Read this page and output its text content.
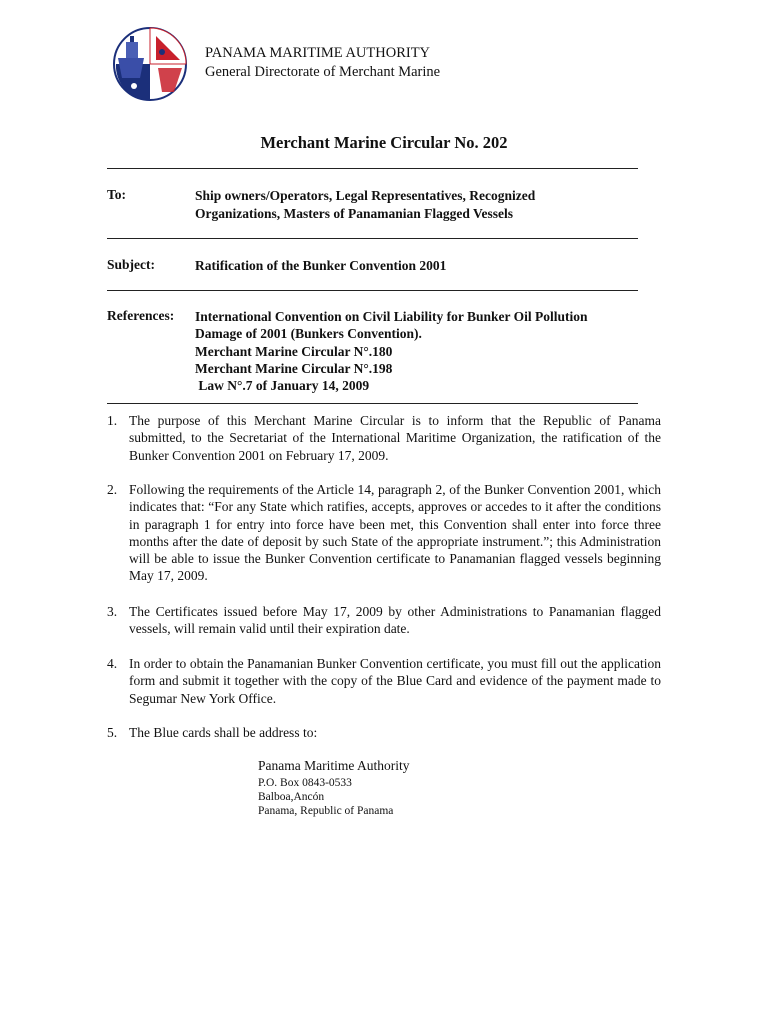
PANAMA MARITIME AUTHORITY
General Directorate of Merchant Marine
Merchant Marine Circular No. 202
To:	Ship owners/Operators, Legal Representatives, Recognized
Organizations, Masters of Panamanian Flagged Vessels
Subject:	Ratification of the Bunker Convention 2001
References: International Convention on Civil Liability for Bunker Oil Pollution
Damage of 2001 (Bunkers Convention).
Merchant Marine Circular N°.180
Merchant Marine Circular N°.198
Law N°.7 of January 14, 2009
1. The purpose of this Merchant Marine Circular is to inform that the Republic of Panama submitted, to the Secretariat of the International Maritime Organization, the ratification of the Bunker Convention 2001 on February 17, 2009.
2. Following the requirements of the Article 14, paragraph 2, of the Bunker Convention 2001, which indicates that: “For any State which ratifies, accepts, approves or accedes to it after the conditions in paragraph 1 for entry into force have been met, this Convention shall enter into force three months after the date of deposit by such State of the appropriate instrument.”; this Administration will be able to issue the Bunker Convention certificate to Panamanian flagged vessels beginning May 17, 2009.
3. The Certificates issued before May 17, 2009 by other Administrations to Panamanian flagged vessels, will remain valid until their expiration date.
4. In order to obtain the Panamanian Bunker Convention certificate, you must fill out the application form and submit it together with the copy of the Blue Card and evidence of the payment made to Segumar New York Office.
5. The Blue cards shall be address to:
Panama Maritime Authority
P.O. Box 0843-0533
Balboa,Ancón
Panama, Republic of Panama
